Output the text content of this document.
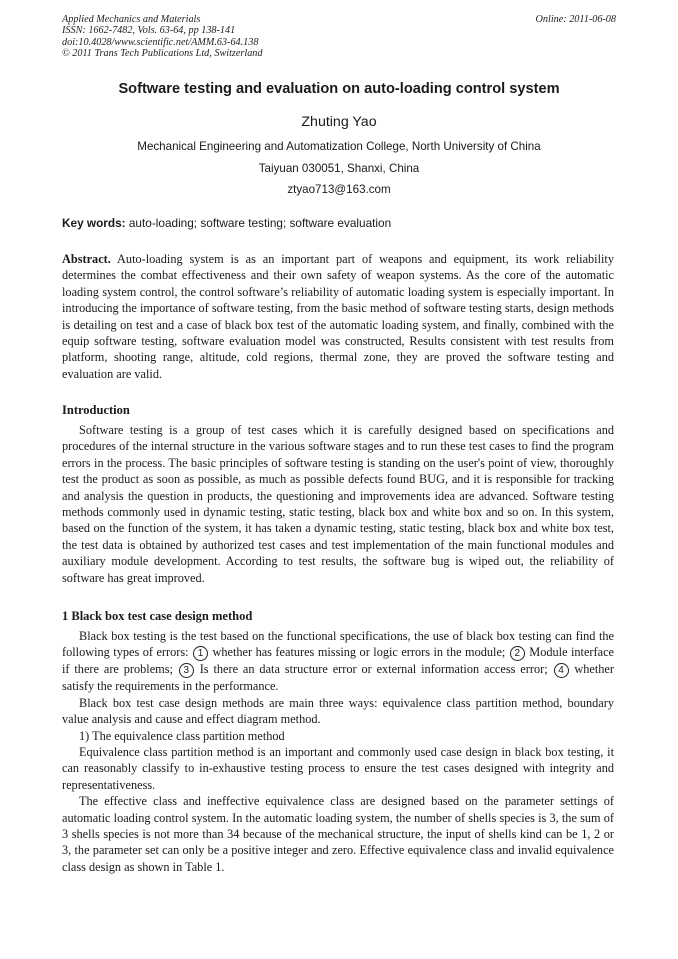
Applied Mechanics and Materials
ISSN: 1662-7482, Vols. 63-64, pp 138-141
doi:10.4028/www.scientific.net/AMM.63-64.138
© 2011 Trans Tech Publications Ltd, Switzerland
Online: 2011-06-08
Software testing and evaluation on auto-loading control system
Zhuting Yao
Mechanical Engineering and Automatization College, North University of China
Taiyuan 030051, Shanxi, China
ztyao713@163.com
Key words: auto-loading; software testing; software evaluation

Abstract. Auto-loading system is as an important part of weapons and equipment, its work reliability determines the combat effectiveness and their own safety of weapon systems. As the core of the automatic loading system control, the control software’s reliability of automatic loading system is especially important. In introducing the importance of software testing, from the basic method of software testing starts, design methods is detailing on test and a case of black box test of the automatic loading system, and finally, combined with the equip software testing, software evaluation model was constructed, Results consistent with test results from platform, shooting range, altitude, cold regions, thermal zone, they are proved the software testing and evaluation are valid.

Introduction

Software testing is a group of test cases which it is carefully designed based on specifications and procedures of the internal structure in the various software stages and to run these test cases to find the program errors in the process. The basic principles of software testing is standing on the user's point of view, thoroughly test the product as soon as possible, as much as possible defects found BUG, and it is responsible for tracking and analysis the question in products, the questioning and improvements idea are advanced. Software testing methods commonly used in dynamic testing, static testing, black box and white box and so on. In this system, based on the function of the system, it has taken a dynamic testing, static testing, black box and white box test, the test data is obtained by authorized test cases and test implementation of the main functional modules and auxiliary module development. According to test results, the software bug is wiped out, the reliability of software has great improved.

1 Black box test case design method

Black box testing is the test based on the functional specifications, the use of black box testing can find the following types of errors: 1 whether has features missing or logic errors in the module; 2 Module interface if there are problems; 3 Is there an data structure error or external information access error; 4 whether satisfy the requirements in the performance.

Black box test case design methods are main three ways: equivalence class partition method, boundary value analysis and cause and effect diagram method.

1) The equivalence class partition method

Equivalence class partition method is an important and commonly used case design in black box testing, it can reasonably classify to in-exhaustive testing process to ensure the test cases designed with integrity and representativeness.

The effective class and ineffective equivalence class are designed based on the parameter settings of automatic loading control system. In the automatic loading system, the number of shells species is 3, the sum of 3 shells species is not more than 34 because of the mechanical structure, the input of shells kind can be 1, 2 or 3, the parameter set can only be a positive integer and zero. Effective equivalence class and invalid equivalence class design as shown in Table 1.
